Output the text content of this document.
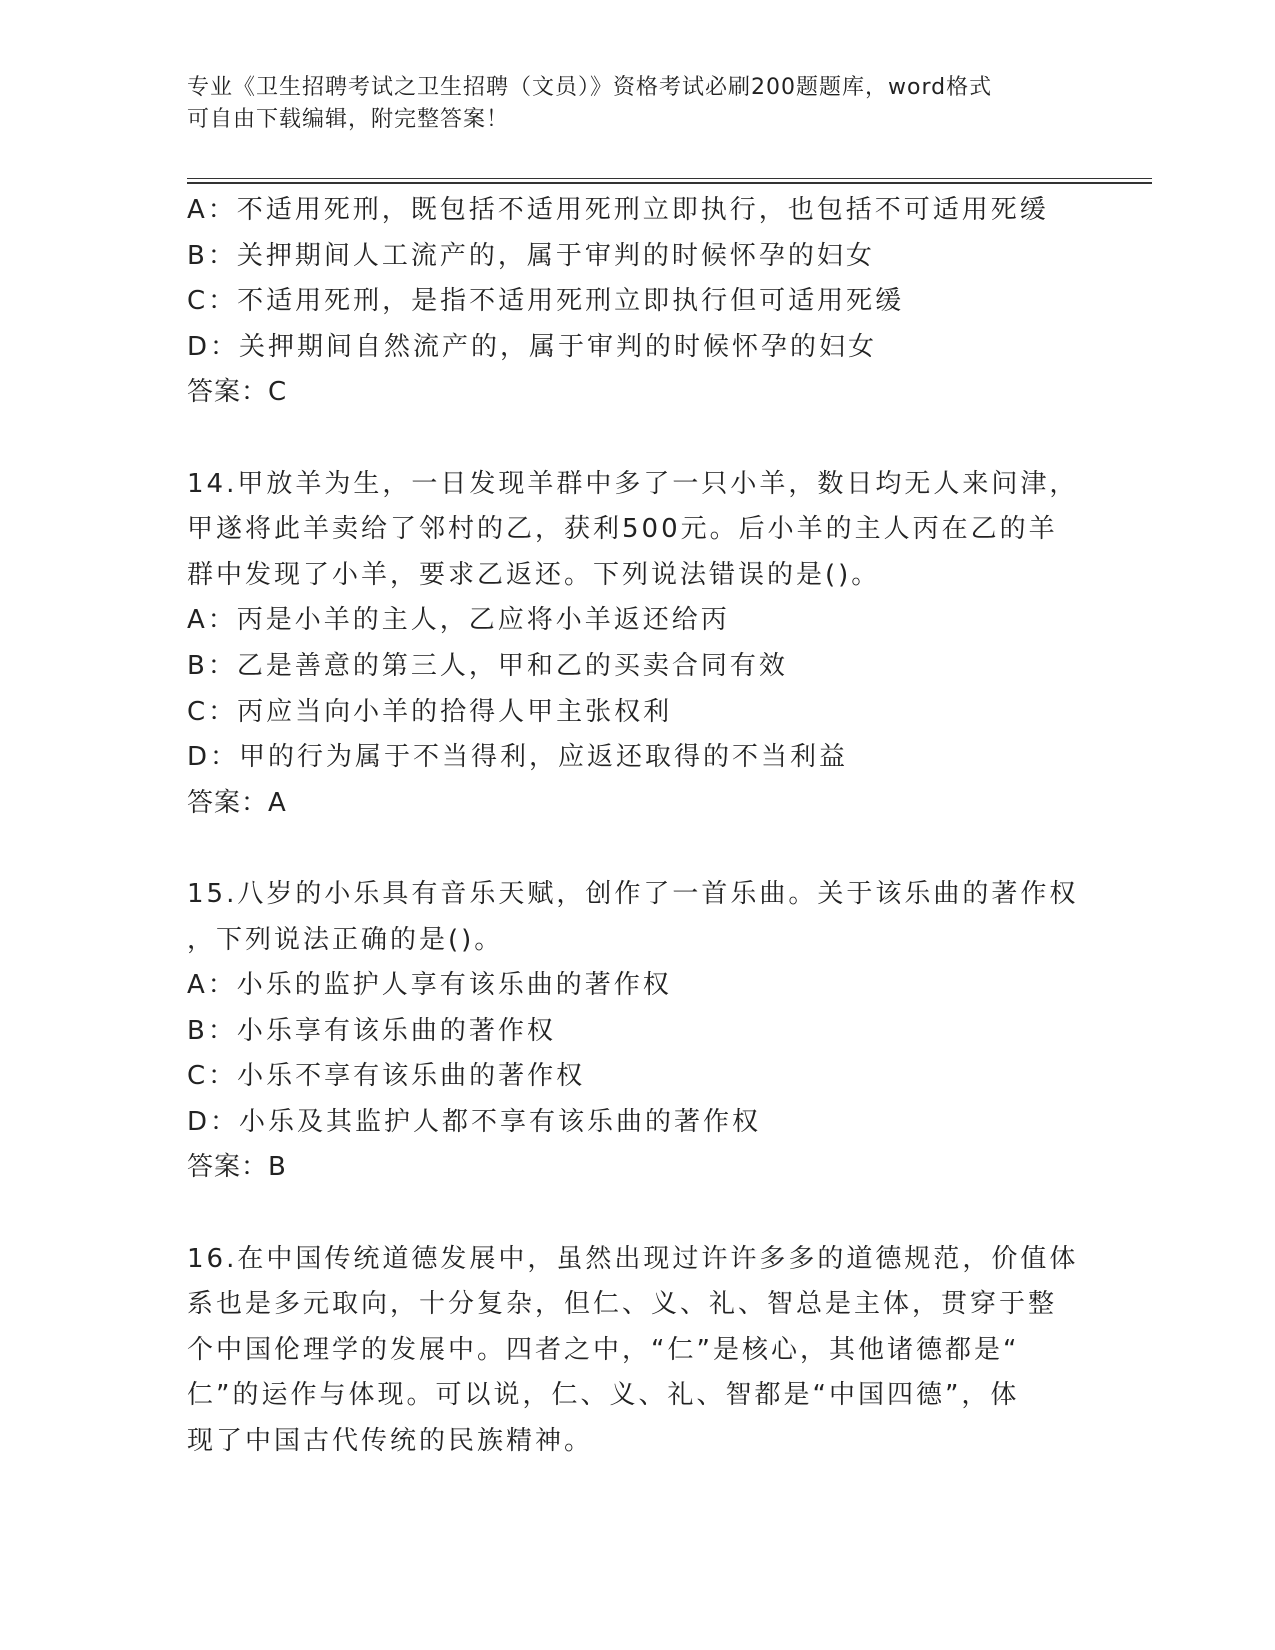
专业《卫生招聘考试之卫生招聘（文员）》资格考试必刷200题题库，word格式
可自由下载编辑，附完整答案！
A：不适用死刑，既包括不适用死刑立即执行，也包括不可适用死缓
B：关押期间人工流产的，属于审判的时候怀孕的妇女
C：不适用死刑，是指不适用死刑立即执行但可适用死缓
D：关押期间自然流产的，属于审判的时候怀孕的妇女
答案：C
14.甲放羊为生，一日发现羊群中多了一只小羊，数日均无人来问津，
甲遂将此羊卖给了邻村的乙，获利500元。后小羊的主人丙在乙的羊
群中发现了小羊，要求乙返还。下列说法错误的是()。
A：丙是小羊的主人，乙应将小羊返还给丙
B：乙是善意的第三人，甲和乙的买卖合同有效
C：丙应当向小羊的拾得人甲主张权利
D：甲的行为属于不当得利，应返还取得的不当利益
答案：A
15.八岁的小乐具有音乐天赋，创作了一首乐曲。关于该乐曲的著作权
，下列说法正确的是()。
A：小乐的监护人享有该乐曲的著作权
B：小乐享有该乐曲的著作权
C：小乐不享有该乐曲的著作权
D：小乐及其监护人都不享有该乐曲的著作权
答案：B
16.在中国传统道德发展中，虽然出现过许许多多的道德规范，价值体
系也是多元取向，十分复杂，但仁、义、礼、智总是主体，贯穿于整
个中国伦理学的发展中。四者之中，“仁”是核心，其他诸德都是“
仁”的运作与体现。可以说，仁、义、礼、智都是“中国四德”，体
现了中国古代传统的民族精神。
